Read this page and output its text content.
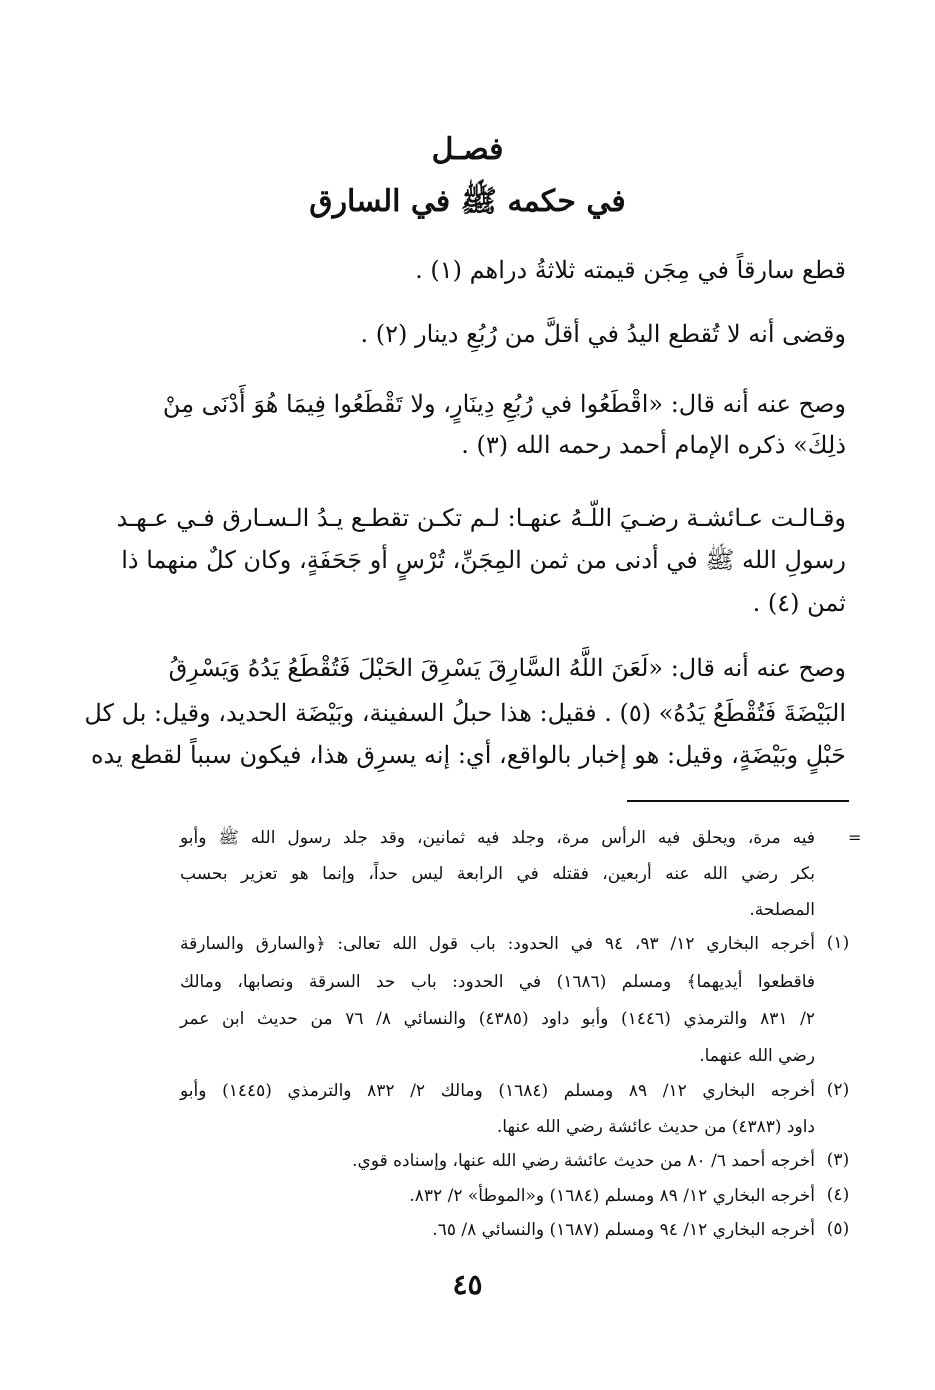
فصـل
في حكمه ﷺ في السارق
قطع سارقاً في مِجَن قيمته ثلاثةُ دراهم (١) .
وقضى أنه لا تُقطع اليدُ في أقلَّ من رُبُعِ دينار (٢) .
وصح عنه أنه قال: «اقْطَعُوا في رُبُعِ دِينَارٍ، ولا تَقْطَعُوا فِيمَا هُوَ أَدْنَى مِنْ
ذلِكَ» ذكره الإمام أحمد رحمه الله (٣) .
وقـالـت عـائشـة رضـيَ اللّـهُ عنهـا: لـم تكـن تقطـع يـدُ الـسـارق فـي عـهـد
رسولِ الله ﷺ في أدنى من ثمن المِجَنِّ، تُرْسٍ أو جَحَفَةٍ، وكان كلٌ منهما ذا
ثمن (٤) .
وصح عنه أنه قال: «لَعَنَ اللَّهُ السَّارِقَ يَسْرِقَ الحَبْلَ فَتُقْطَعُ يَدُهُ وَيَسْرِقُ
البَيْضَةَ فَتُقْطَعُ يَدُهُ» (٥) . فقيل: هذا حبلُ السفينة، وبَيْضَة الحديد، وقيل: بل كل
حَبْلٍ وبَيْضَةٍ، وقيل: هو إخبار بالواقع، أي: إنه يسرِق هذا، فيكون سبباً لقطع يده
=
فيه مرة، ويحلق فيه الرأس مرة، وجلد فيه ثمانين، وقد جلد رسول الله ﷺ وأبو
بكر رضي الله عنه أربعين، فقتله في الرابعة ليس حداً، وإنما هو تعزير بحسب
المصلحة.
(١)
أخرجه البخاري ١٢/ ٩٣، ٩٤ في الحدود: باب قول الله تعالى: ﴿والسارق والسارقة
فاقطعوا أيديهما﴾ ومسلم (١٦٨٦) في الحدود: باب حد السرقة ونصابها، ومالك
٢/ ٨٣١ والترمذي (١٤٤٦) وأبو داود (٤٣٨٥) والنسائي ٨/ ٧٦ من حديث ابن عمر
رضي الله عنهما.
(٢)
أخرجه البخاري ١٢/ ٨٩ ومسلم (١٦٨٤) ومالك ٢/ ٨٣٢ والترمذي (١٤٤٥) وأبو
داود (٤٣٨٣) من حديث عائشة رضي الله عنها.
(٣)
أخرجه أحمد ٦/ ٨٠ من حديث عائشة رضي الله عنها، وإسناده قوي.
(٤)
أخرجه البخاري ١٢/ ٨٩ ومسلم (١٦٨٤) و«الموطأ» ٢/ ٨٣٢.
(٥)
أخرجه البخاري ١٢/ ٩٤ ومسلم (١٦٨٧) والنسائي ٨/ ٦٥.
٤٥
